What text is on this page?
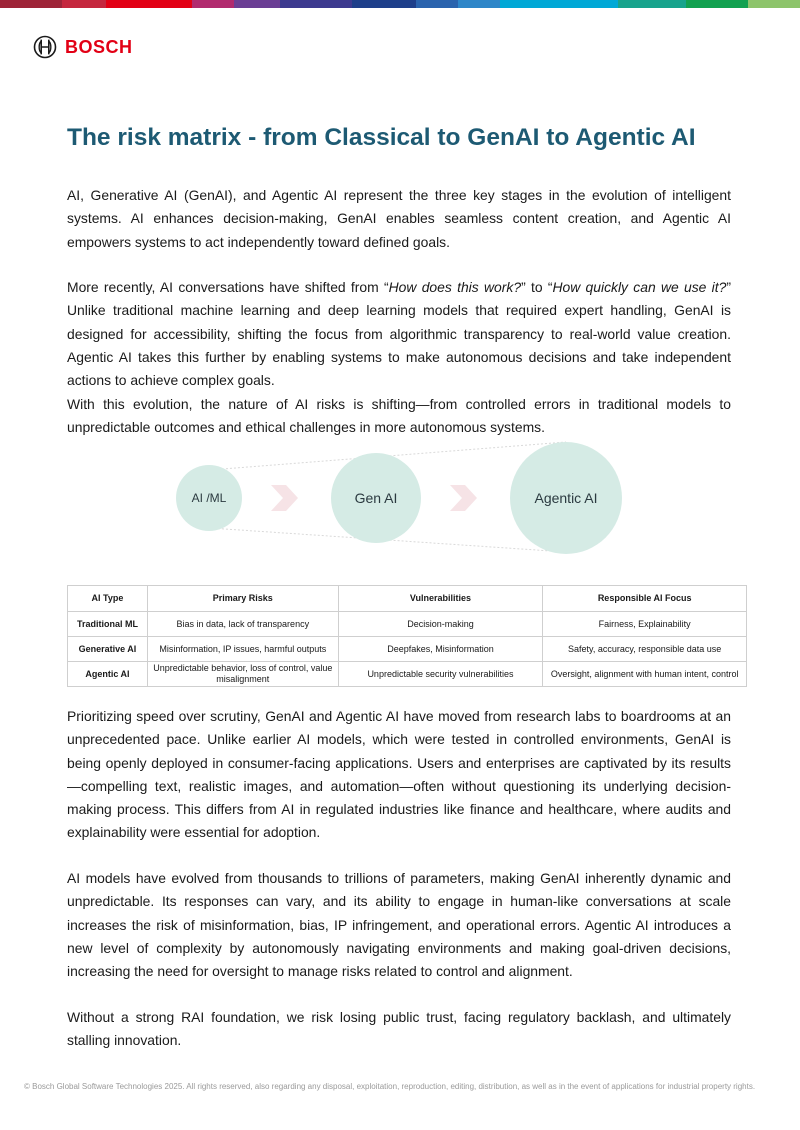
BOSCH
The risk matrix - from Classical to GenAI to Agentic AI

AI, Generative AI (GenAI), and Agentic AI represent the three key stages in the evolution of intelligent systems. AI enhances decision-making, GenAI enables seamless content creation, and Agentic AI empowers systems to act independently toward defined goals.

More recently, AI conversations have shifted from “How does this work?” to “How quickly can we use it?” Unlike traditional machine learning and deep learning models that required expert handling, GenAI is designed for accessibility, shifting the focus from algorithmic transparency to real-world value creation. Agentic AI takes this further by enabling systems to make autonomous decisions and take independent actions to achieve complex goals.

With this evolution, the nature of AI risks is shifting—from controlled errors in traditional models to unpredictable outcomes and ethical challenges in more autonomous systems.

AI /ML	Gen AI	Agentic AI
AI Type	Primary Risks	Vulnerabilities	Responsible AI Focus
Traditional ML	Bias in data, lack of transparency	Decision-making	Fairness, Explainability
Generative AI	Misinformation, IP issues, harmful outputs	Deepfakes, Misinformation	Safety, accuracy, responsible data use
Agentic AI	Unpredictable behavior, loss of control, value misalignment	Unpredictable security vulnerabilities	Oversight, alignment with human intent, control

Prioritizing speed over scrutiny, GenAI and Agentic AI have moved from research labs to boardrooms at an unprecedented pace. Unlike earlier AI models, which were tested in controlled environments, GenAI is being openly deployed in consumer-facing applications. Users and enterprises are captivated by its results—compelling text, realistic images, and automation—often without questioning its underlying decision-making process. This differs from AI in regulated industries like finance and healthcare, where audits and explainability were essential for adoption.

AI models have evolved from thousands to trillions of parameters, making GenAI inherently dynamic and unpredictable. Its responses can vary, and its ability to engage in human-like conversations at scale increases the risk of misinformation, bias, IP infringement, and operational errors. Agentic AI introduces a new level of complexity by autonomously navigating environments and making goal-driven decisions, increasing the need for oversight to manage risks related to control and alignment.

Without a strong RAI foundation, we risk losing public trust, facing regulatory backlash, and ultimately stalling innovation.

© Bosch Global Software Technologies 2025. All rights reserved, also regarding any disposal, exploitation, reproduction, editing, distribution, as well as in the event of applications for industrial property rights.
